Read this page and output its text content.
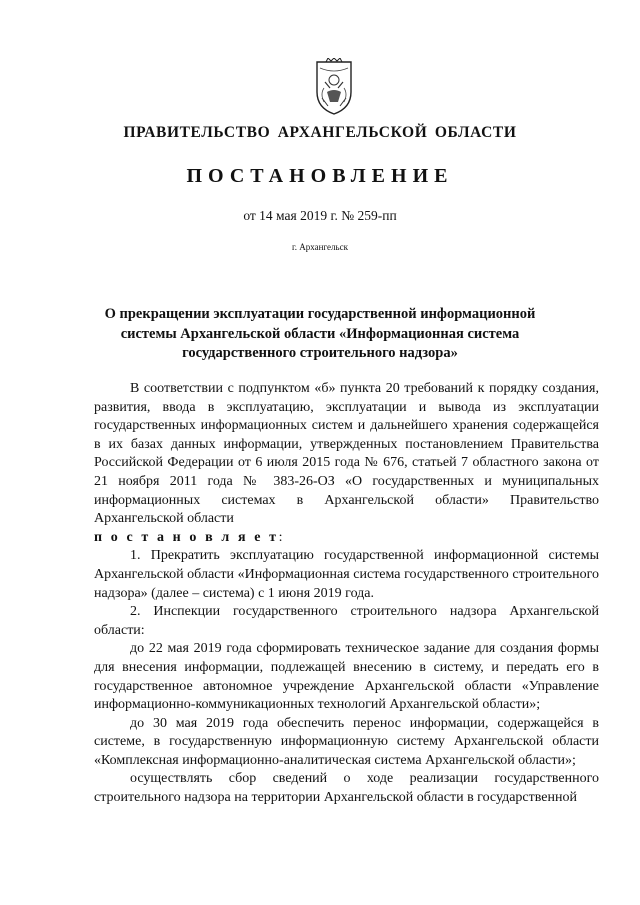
ПРАВИТЕЛЬСТВО АРХАНГЕЛЬСКОЙ ОБЛАСТИ
ПОСТАНОВЛЕНИЕ
от 14 мая 2019 г. № 259-пп
г. Архангельск
О прекращении эксплуатации государственной информационной системы Архангельской области «Информационная система государственного строительного надзора»

В соответствии с подпунктом «б» пункта 20 требований к порядку создания, развития, ввода в эксплуатацию, эксплуатации и вывода из эксплуатации государственных информационных систем и дальнейшего хранения содержащейся в их базах данных информации, утвержденных постановлением Правительства Российской Федерации от 6 июля 2015 года № 676, статьей 7 областного закона от 21 ноября 2011 года № 383-26-ОЗ «О государственных и муниципальных информационных системах в Архангельской области» Правительство Архангельской области

п о с т а н о в л я е т:

1. Прекратить эксплуатацию государственной информационной системы Архангельской области «Информационная система государственного строительного надзора» (далее – система) с 1 июня 2019 года.

2. Инспекции государственного строительного надзора Архангельской области:

до 22 мая 2019 года сформировать техническое задание для создания формы для внесения информации, подлежащей внесению в систему, и передать его в государственное автономное учреждение Архангельской области «Управление информационно-коммуникационных технологий Архангельской области»;

до 30 мая 2019 года обеспечить перенос информации, содержащейся в системе, в государственную информационную систему Архангельской области «Комплексная информационно-аналитическая система Архангельской области»;

осуществлять сбор сведений о ходе реализации государственного строительного надзора на территории Архангельской области в государственной
